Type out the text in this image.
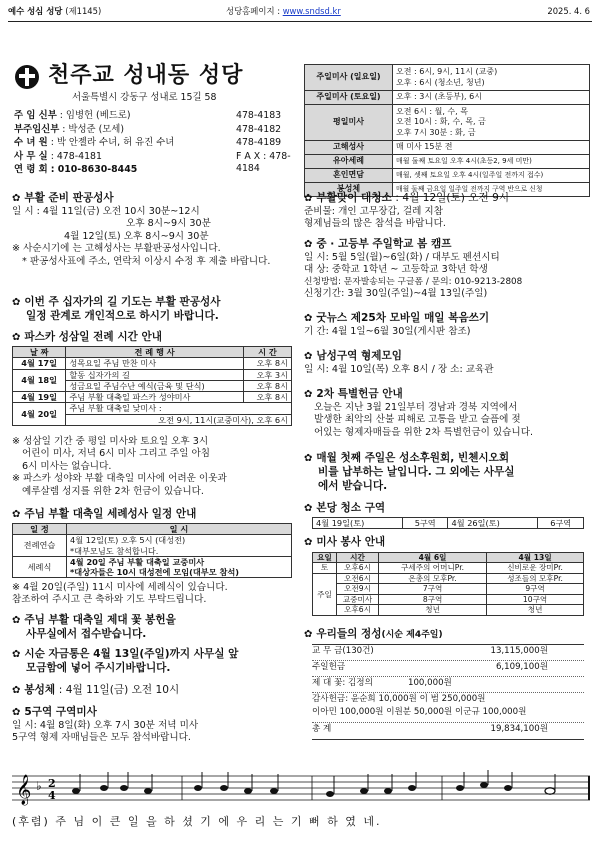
예수 성심 성당 (제1145)	성당홈페이지 : www.sndsd.kr	2025. 4. 6
천주교 성내동 성당
서울특별시 강동구 성내로 15길 58
주 임 신부 : 임병헌 (베드로)	478-4183
부주임신부 : 박성준 (모세)	478-4182
수 녀 원 : 박 안젤라 수녀, 허 유진 수녀	478-4189
사 무 실 : 478-4181	F A X : 478-4184
연 령 회 : 010-8630-8445
주일미사 (일요일)	오전 : 6시, 9시, 11시 (교중)
오후 : 6시 (청소년, 청년)

주일미사 (토요일)	오후 : 3시 (초등부), 6시

평일미사	오전 6시 : 월, 수, 목
오전 10시 : 화, 수, 목, 금
오후 7시 30분 : 화, 금

고해성사	매 미사 15분 전

유아세례	매월 둘째 토요일 오후 4시(초등2, 9세 미만)

혼인면담	매월, 셋째 토요일 오후 4시(일주일 전까지 접수)

봉성체	매월 둘째 금요일 일주일 전까지 구역 반으로 신청
✿ 부활 준비 판공성사
일 시 : 4월 11일(금) 오전 10시 30분~12시
오후 8시~9시 30분
4월 12일(토) 오후 8시~9시 30분
※ 사순시기에 는 고해성사는 부활판공성사입니다.
* 판공성사표에 주소, 연락처 이상시 수정 후 제출 바랍니다.
✿ 이번 주 십자가의 길 기도는 부활 판공성사
일정 관계로 개인적으로 하시기 바랍니다.
✿ 파스카 성삼일 전례 시간 안내
날 짜	전 례 행 사	시 간
4월 17일	성목요일 주님 만찬 미사	오후 8시
4월 18일	할동 십자가의 길	오후 3시
	성금요일 주님수난 예식(금육 및 단식)	오후 8시
4월 19일	주님 부활 대축일 파스카 성야미사	오후 8시
4월 20일	주님 부활 대축일 낮미사 :	
	오전 9시, 11시(교중미사), 오후 6시	
※ 성삼일 기간 중 평일 미사와 토요일 오후 3시
어린이 미사, 저녁 6시 미사 그리고 주일 아침
6시 미사는 없습니다.
※ 파스카 성야와 부활 대축일 미사에 어려운 이웃과
예루살렘 성지를 위한 2차 헌금이 있습니다.
✿ 주님 부활 대축일 세례성사 일정 안내
일 정	일 시
전례연습	4월 12일(토) 오후 5시 (대성전)
*대부모님도 참석합니다.

세례식	4월 20일 주님 부활 대축일 교중미사
*대상자들은 10시 대성전에 모임(대부모 참석)
※ 4월 20일(주일) 11시 미사에 세례식이 있습니다.
참조하여 주시고 큰 축하와 기도 부탁드립니다.
✿ 주님 부활 대축일 제대 꽃 봉헌을
사무실에서 접수받습니다.
✿ 시순 자금통은 4월 13일(주일)까지 사무실 앞
모금함에 넣어 주시기바랍니다.
✿ 봉성체 : 4월 11일(금) 오전 10시
✿ 5구역 구역미사
일 시: 4월 8일(화) 오후 7시 30분 저녁 미사
5구역 형제 자매님들은 모두 참석바랍니다.
✿ 부활맞이 대청소 : 4월 12일(토) 오전 9시
준비물: 개인 고무장갑, 걸레 지참
형제님들의 많은 참석을 바랍니다.
✿ 중 · 고등부 주일학교 봄 캠프
일 시: 5월 5일(월)~6일(화) / 대부도 펜션시티
대 상: 중학교 1학년 ~ 고등학교 3학년 학생
신청방법: 문자발송되는 구글폼 / 문의: 010-9213-2808
신청기간: 3월 30일(주일)~4월 13일(주일)
✿ 굿뉴스 제25차 모바일 매일 복음쓰기
기 간: 4월 1일~6월 30일(게시판 참조)
✿ 남성구역 형제모임
일 시: 4월 10일(목) 오후 8시 / 장 소: 교육관
✿ 2차 특별헌금 안내
오늘은 지난 3월 21일부터 경남과 경북 지역에서
발생한 최악의 산불 피해로 고통을 받고 슬픔에 젖
어있는 형제자매들을 위한 2차 특별헌금이 있습니다.
✿ 매월 첫째 주일은 성소후원회, 빈첸시오회
비를 납부하는 날입니다. 그 외에는 사무실
에서 받습니다.
✿ 본당 청소 구역
4월 19일(토)	5구역	4월 26일(토)	6구역
✿ 미사 봉사 안내
요일	시간	4월 6일	4월 13일
토	오후6시	구세주의 어머니Pr.	신비로운 장미Pr.
주일	오전6시	온총의 모후Pr.	성조들의 모후Pr.
	오전9시	7구역	9구역
	교중미사	8구역	10구역
	오후6시	청년	청년
✿ 우리들의 정성(시순 제4주일)
교 무 금(130건)	13,115,000원
주일헌금	6,109,100원
제 대 꽃: 김정의	100,000원
감사헌금: 윤순희 10,000원 이 범 250,000원
이아민 100,000원 이원분 50,000원 이군규 100,000원
총 계	19,834,100원
𝄞 ♭ 2
4
(후렴) 주 님 이 큰 일 을 하 셨 기 에 우 리 는 기 뻐 하 였 네.
